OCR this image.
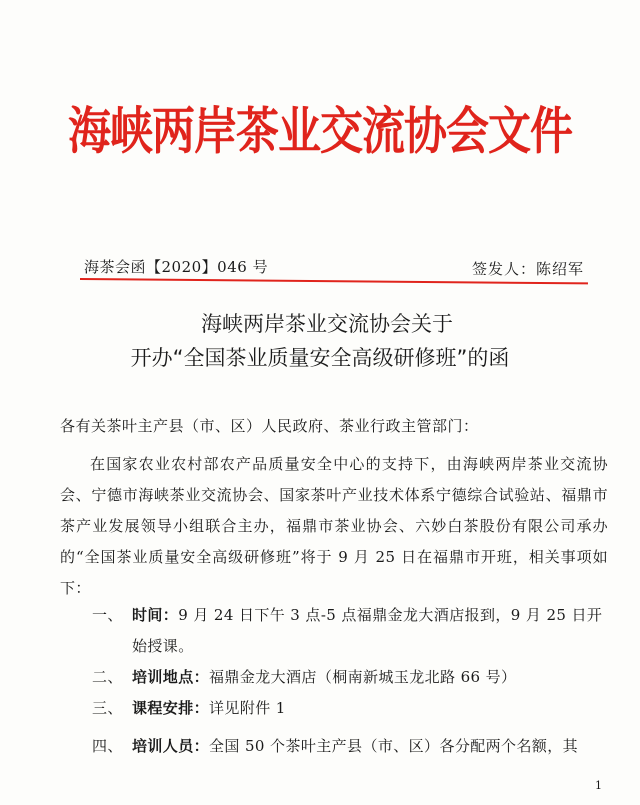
海峡两岸茶业交流协会文件
海茶会函【2020】046 号	签发人：陈绍军
海峡两岸茶业交流协会关于
开办“全国茶业质量安全高级研修班”的函
各有关茶叶主产县（市、区）人民政府、茶业行政主管部门：
在国家农业农村部农产品质量安全中心的支持下，由海峡两岸茶业交流协会、宁德市海峡茶业交流协会、国家茶叶产业技术体系宁德综合试验站、福鼎市茶产业发展领导小组联合主办，福鼎市茶业协会、六妙白茶股份有限公司承办的“全国茶业质量安全高级研修班”将于 9 月 25 日在福鼎市开班，相关事项如下：
一、 时间：9 月 24 日下午 3 点-5 点福鼎金龙大酒店报到，9 月 25 日开
始授课。
二、 培训地点：福鼎金龙大酒店（桐南新城玉龙北路 66 号）
三、 课程安排：详见附件 1
四、 培训人员：全国 50 个茶叶主产县（市、区）各分配两个名额，其
1
